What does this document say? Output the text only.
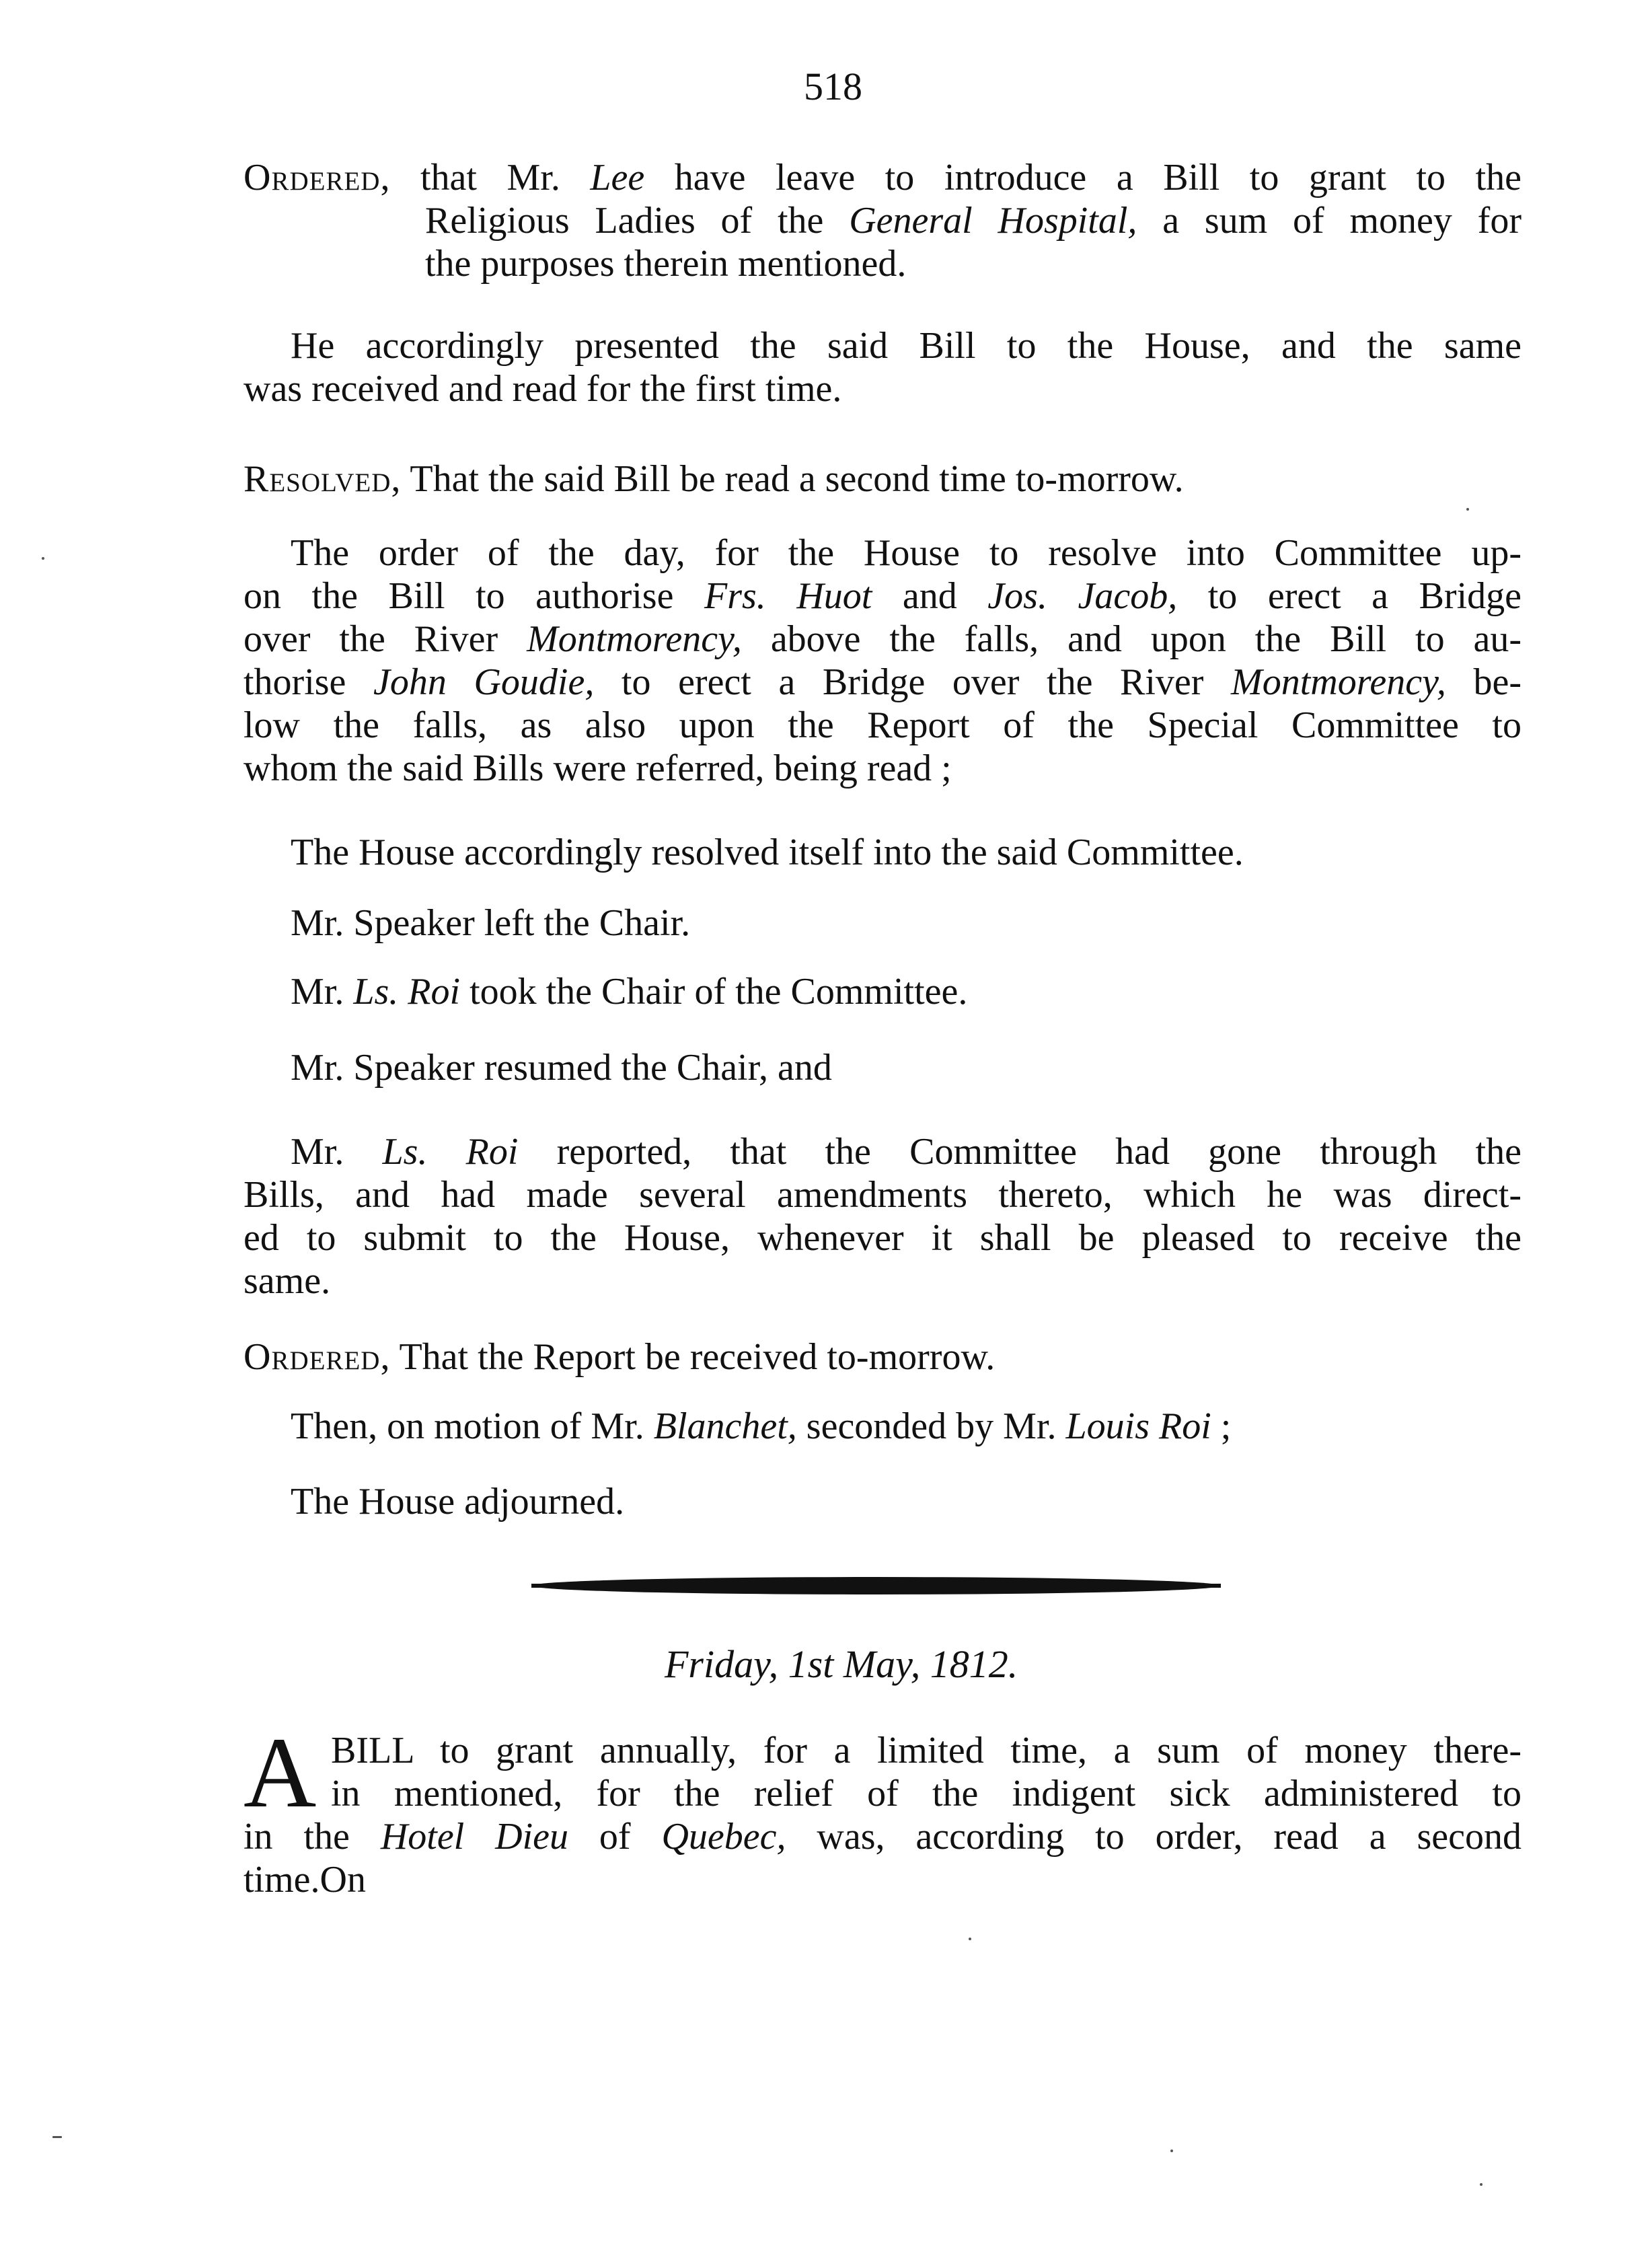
518
Ordered, that Mr. Lee have leave to introduce a Bill to grant to the
Religious Ladies of the General Hospital, a sum of money for
the purposes therein mentioned.
He accordingly presented the said Bill to the House, and the same
was received and read for the first time.
Resolved, That the said Bill be read a second time to-morrow.
The order of the day, for the House to resolve into Committee up-
on the Bill to authorise Frs. Huot and Jos. Jacob, to erect a Bridge
over the River Montmorency, above the falls, and upon the Bill to au-
thorise John Goudie, to erect a Bridge over the River Montmorency, be-
low the falls, as also upon the Report of the Special Committee to
whom the said Bills were referred, being read ;
The House accordingly resolved itself into the said Committee.
Mr. Speaker left the Chair.
Mr. Ls. Roi took the Chair of the Committee.
Mr. Speaker resumed the Chair, and
Mr. Ls. Roi reported, that the Committee had gone through the
Bills, and had made several amendments thereto, which he was direct-
ed to submit to the House, whenever it shall be pleased to receive the
same.
Ordered, That the Report be received to-morrow.
Then, on motion of Mr. Blanchet, seconded by Mr. Louis Roi ;
The House adjourned.
Friday, 1st May, 1812.
A BILL to grant annually, for a limited time, a sum of money there-
in mentioned, for the relief of the indigent sick administered to
in the Hotel Dieu of Quebec, was, according to order, read a second
time.On
